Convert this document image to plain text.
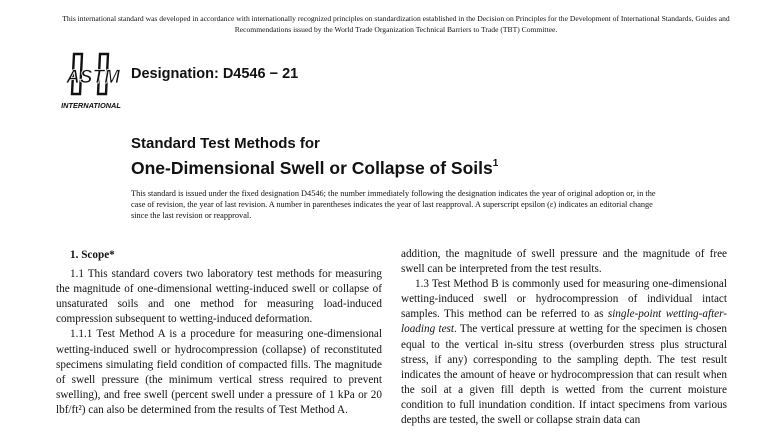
This international standard was developed in accordance with internationally recognized principles on standardization established in the Decision on Principles for the Development of International Standards, Guides and Recommendations issued by the World Trade Organization Technical Barriers to Trade (TBT) Committee.
ASTM
INTERNATIONAL
Designation: D4546 − 21
Standard Test Methods for
One-Dimensional Swell or Collapse of Soils$^1$
This standard is issued under the fixed designation D4546; the number immediately following the designation indicates the year of original adoption or, in the case of revision, the year of last revision. A number in parentheses indicates the year of last reapproval. A superscript epsilon (ε) indicates an editorial change since the last revision or reapproval.

1. Scope*

1.1 This standard covers two laboratory test methods for measuring the magnitude of one-dimensional wetting-induced swell or collapse of unsaturated soils and one method for measuring load-induced compression subsequent to wetting-induced deformation.

1.1.1 Test Method A is a procedure for measuring one-dimensional wetting-induced swell or hydrocompression (collapse) of reconstituted specimens simulating field condition of compacted fills. The magnitude of swell pressure (the minimum vertical stress required to prevent swelling), and free swell (percent swell under a pressure of 1 kPa or 20 lbf/ft²) can also be determined from the results of Test Method A.

addition, the magnitude of swell pressure and the magnitude of free swell can be interpreted from the test results.

1.3 Test Method B is commonly used for measuring one-dimensional wetting-induced swell or hydrocompression of individual intact samples. This method can be referred to as single-point wetting-after-loading test. The vertical pressure at wetting for the specimen is chosen equal to the vertical in-situ stress (overburden stress plus structural stress, if any) corresponding to the sampling depth. The test result indicates the amount of heave or hydrocompression that can result when the soil at a given fill depth is wetted from the current moisture condition to full inundation condition. If intact specimens from various depths are tested, the swell or collapse strain data can
